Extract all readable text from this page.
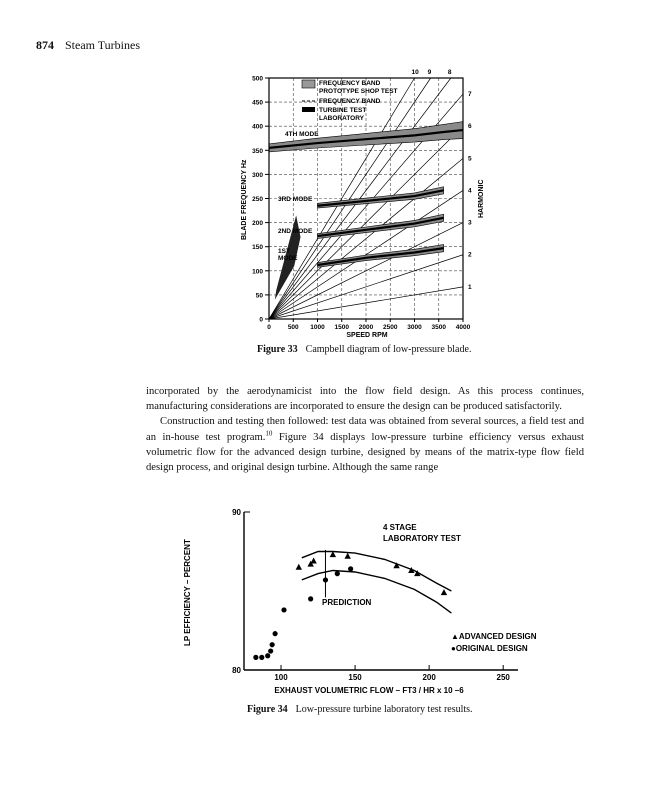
874 Steam Turbines
1
2
3
4
5
6
7
8
9
10
0
50
100
150
200
250
300
350
400
450
500
0	500 1000 1500 2000 2500 3000 3500 4000
FREQUENCY BAND
PROTOTYPE SHOP TEST
FREQUENCY BAND
TURBINE TEST
LABORATORY
4TH MODE
3RD MODE
2ND MODE
1ST
MODE
BLADE FREQUENCY Hz	HARMONIC
SPEED RPM
Figure 33 Campbell diagram of low-pressure blade.

incorporated by the aerodynamicist into the flow field design. As this process continues, manufacturing considerations are incorporated to ensure the design can be produced satisfactorily.

Construction and testing then followed: test data was obtained from several sources, a field test and an in-house test program.$^{10}$ Figure 34 displays low-pressure turbine efficiency versus exhaust volumetric flow for the advanced design turbine, designed by means of the matrix-type flow field design process, and original design turbine. Although the same range

80
90
100	150	200	250
4 STAGE
LABORATORY TEST
PREDICTION
▲ADVANCED DESIGN
●ORIGINAL DESIGN
LP EFFICIENCY – PERCENT
EXHAUST VOLUMETRIC FLOW – FT3 / HR x 10 –6
Figure 34 Low-pressure turbine laboratory test results.
